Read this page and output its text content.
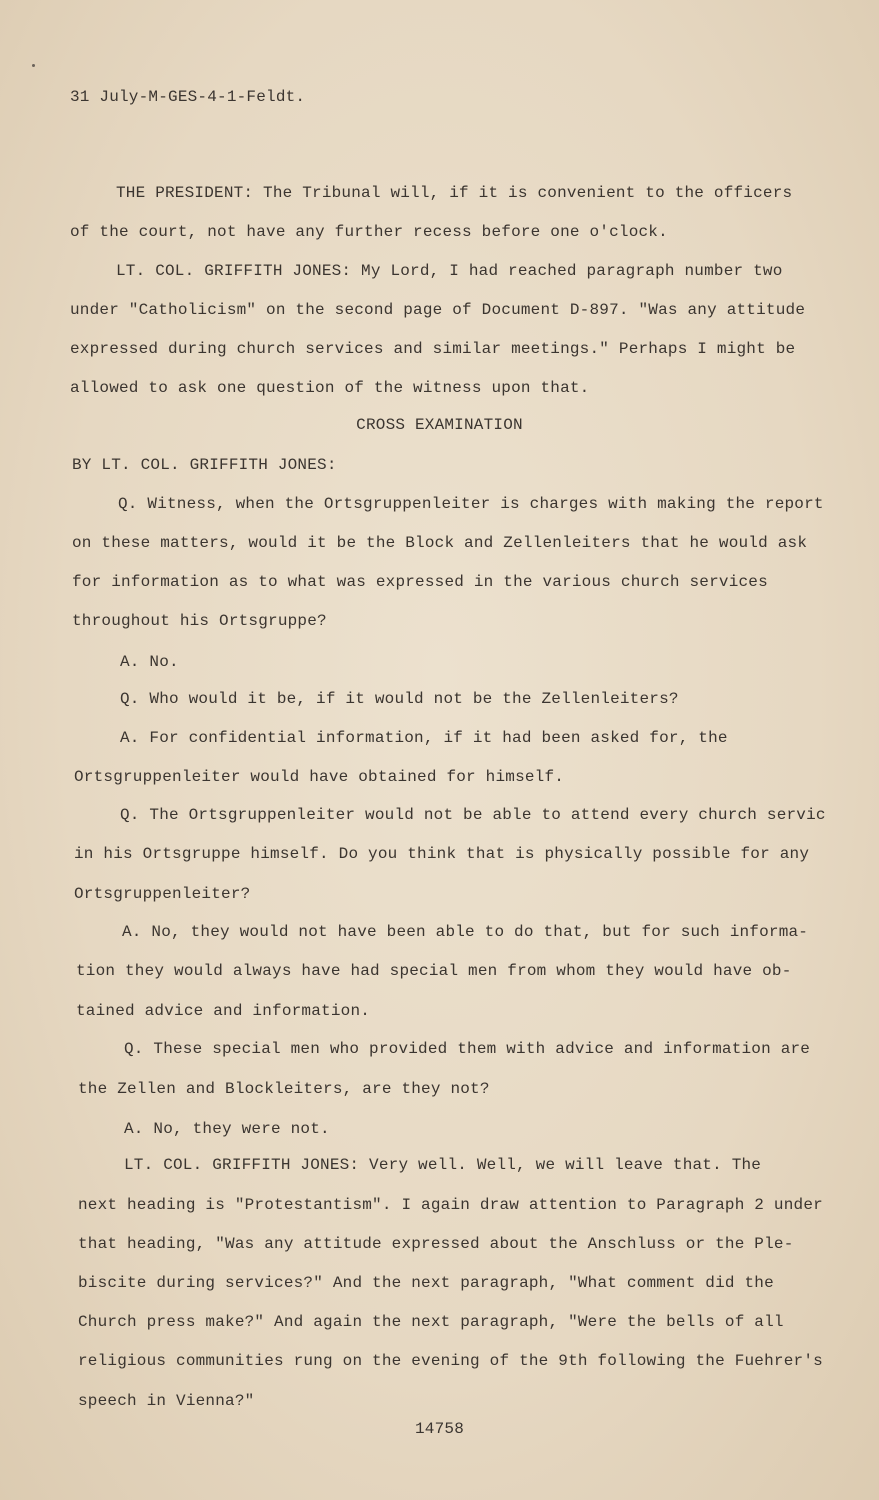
31 July-M-GES-4-1-Feldt.
THE PRESIDENT: The Tribunal will, if it is convenient to the officers
of the court, not have any further recess before one o'clock.
LT. COL. GRIFFITH JONES: My Lord, I had reached paragraph number two
under "Catholicism" on the second page of Document D-897. "Was any attitude
expressed during church services and similar meetings." Perhaps I might be
allowed to ask one question of the witness upon that.
CROSS EXAMINATION
BY LT. COL. GRIFFITH JONES:
Q. Witness, when the Ortsgruppenleiter is charges with making the report
on these matters, would it be the Block and Zellenleiters that he would ask
for information as to what was expressed in the various church services
throughout his Ortsgruppe?
A. No.
Q. Who would it be, if it would not be the Zellenleiters?
A. For confidential information, if it had been asked for, the
Ortsgruppenleiter would have obtained for himself.
Q. The Ortsgruppenleiter would not be able to attend every church servic
in his Ortsgruppe himself. Do you think that is physically possible for any
Ortsgruppenleiter?
A. No, they would not have been able to do that, but for such informa-
tion they would always have had special men from whom they would have ob-
tained advice and information.
Q. These special men who provided them with advice and information are
the Zellen and Blockleiters, are they not?
A. No, they were not.
LT. COL. GRIFFITH JONES: Very well. Well, we will leave that. The
next heading is "Protestantism". I again draw attention to Paragraph 2 under
that heading, "Was any attitude expressed about the Anschluss or the Ple-
biscite during services?" And the next paragraph, "What comment did the
Church press make?" And again the next paragraph, "Were the bells of all
religious communities rung on the evening of the 9th following the Fuehrer's
speech in Vienna?"
14758
